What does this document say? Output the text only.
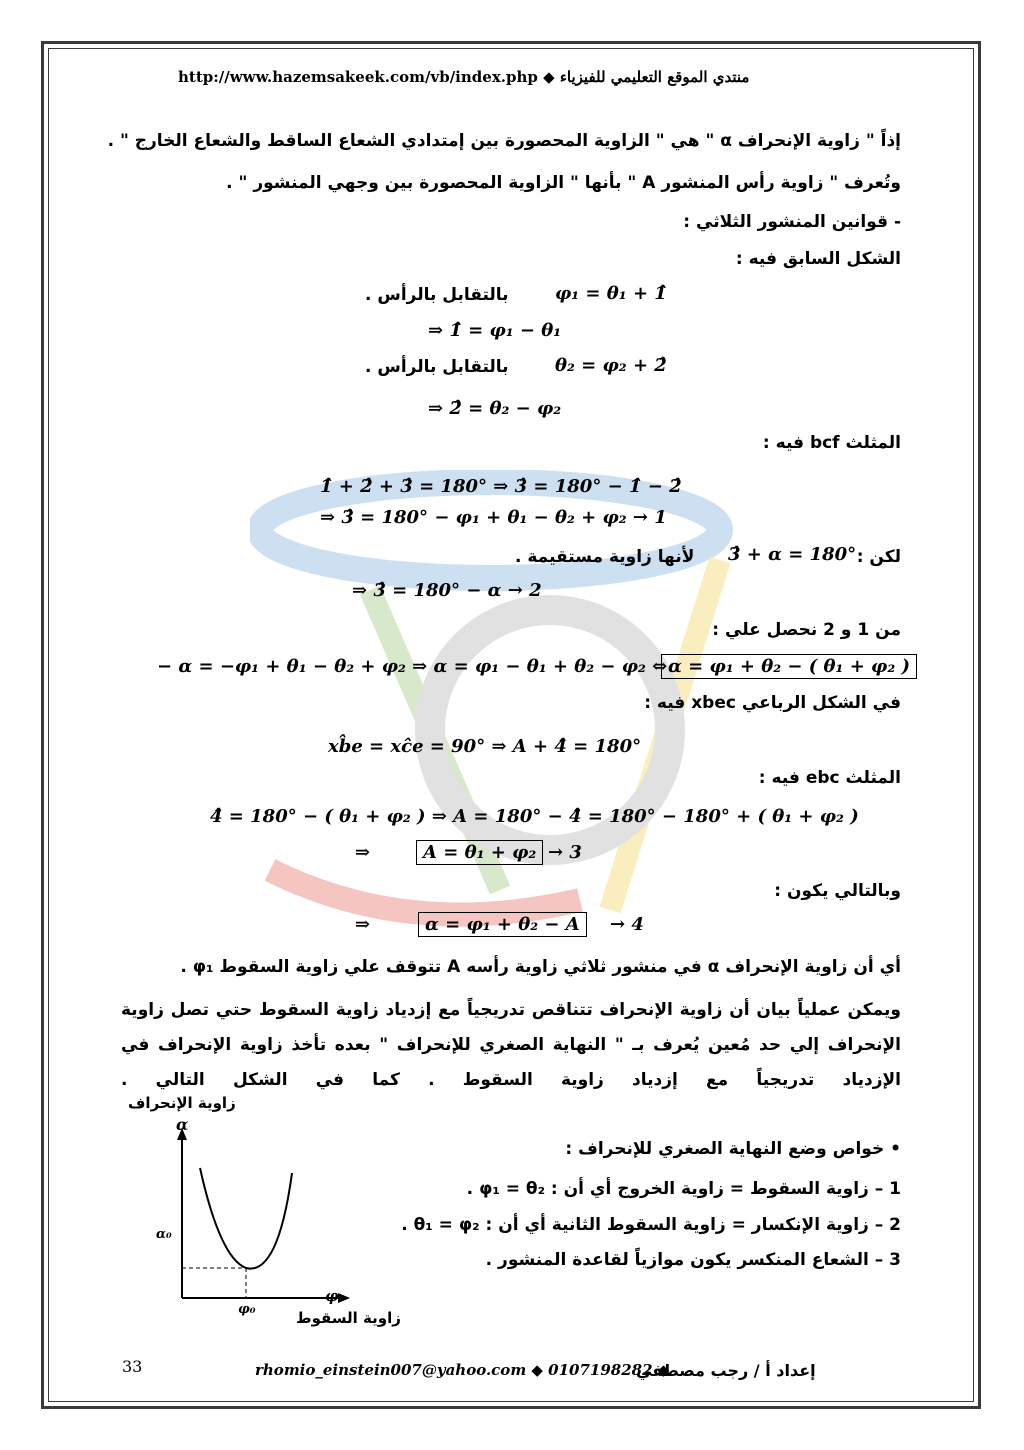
http://www.hazemsakeek.com/vb/index.php ◆ منتدي الموقع التعليمي للفيزياء
إذاً " زاوية الإنحراف α " هي " الزاوية المحصورة بين إمتدادي الشعاع الساقط والشعاع الخارج " .
وتُعرف " زاوية رأس المنشور A " بأنها " الزاوية المحصورة بين وجهي المنشور " .
- قوانين المنشور الثلاثي :
الشكل السابق فيه :
بالتقابل بالرأس .	φ₁ = θ₁ + 1̂
⇒ 1̂ = φ₁ − θ₁
بالتقابل بالرأس .	θ₂ = φ₂ + 2̂
⇒ 2̂ = θ₂ − φ₂
المثلث bcf فيه :
1̂ + 2̂ + 3̂ = 180° ⇒ 3̂ = 180° − 1̂ − 2̂
⇒ 3̂ = 180° − φ₁ + θ₁ − θ₂ + φ₂ → 1
لكن :
3̂ + α = 180°
لأنها زاوية مستقيمة .
⇒ 3̂ = 180° − α → 2
من 1 و 2 نحصل علي :
− α = −φ₁ + θ₁ − θ₂ + φ₂ ⇒ α = φ₁ − θ₁ + θ₂ − φ₂ ⇔ α = φ₁ + θ₂ − ( θ₁ + φ₂ )
في الشكل الرباعي xbec فيه :
xb̂e = xĉe = 90° ⇒ A + 4̂ = 180°
المثلث ebc فيه :
4̂ = 180° − ( θ₁ + φ₂ ) ⇒ A = 180° − 4̂ = 180° − 180° + ( θ₁ + φ₂ )
⇒	A = θ₁ + φ₂ → 3
وبالتالي يكون :
⇒	α = φ₁ + θ₂ − A	→ 4
أي أن زاوية الإنحراف α في منشور ثلاثي زاوية رأسه A تتوقف علي زاوية السقوط φ₁ .
ويمكن عملياً بيان أن زاوية الإنحراف تتناقص تدريجياً مع إزدياد زاوية السقوط حتي تصل زاوية الإنحراف إلي حد مُعين يُعرف بـ " النهاية الصغري للإنحراف " بعده تأخذ زاوية الإنحراف في الإزدياد تدريجياً مع إزدياد زاوية السقوط . كما في الشكل التالي .
زاوية الإنحراف
α
α₀
φ₁
φ₀	زاوية السقوط
• خواص وضع النهاية الصغري للإنحراف :
1 – زاوية السقوط = زاوية الخروج أي أن : φ₁ = θ₂ .
2 – زاوية الإنكسار = زاوية السقوط الثانية أي أن : θ₁ = φ₂ .
3 – الشعاع المنكسر يكون موازياً لقاعدة المنشور .
33	rhomio_einstein007@yahoo.com ◆ 0107198282 ◆
إعداد أ / رجب مصطفي
